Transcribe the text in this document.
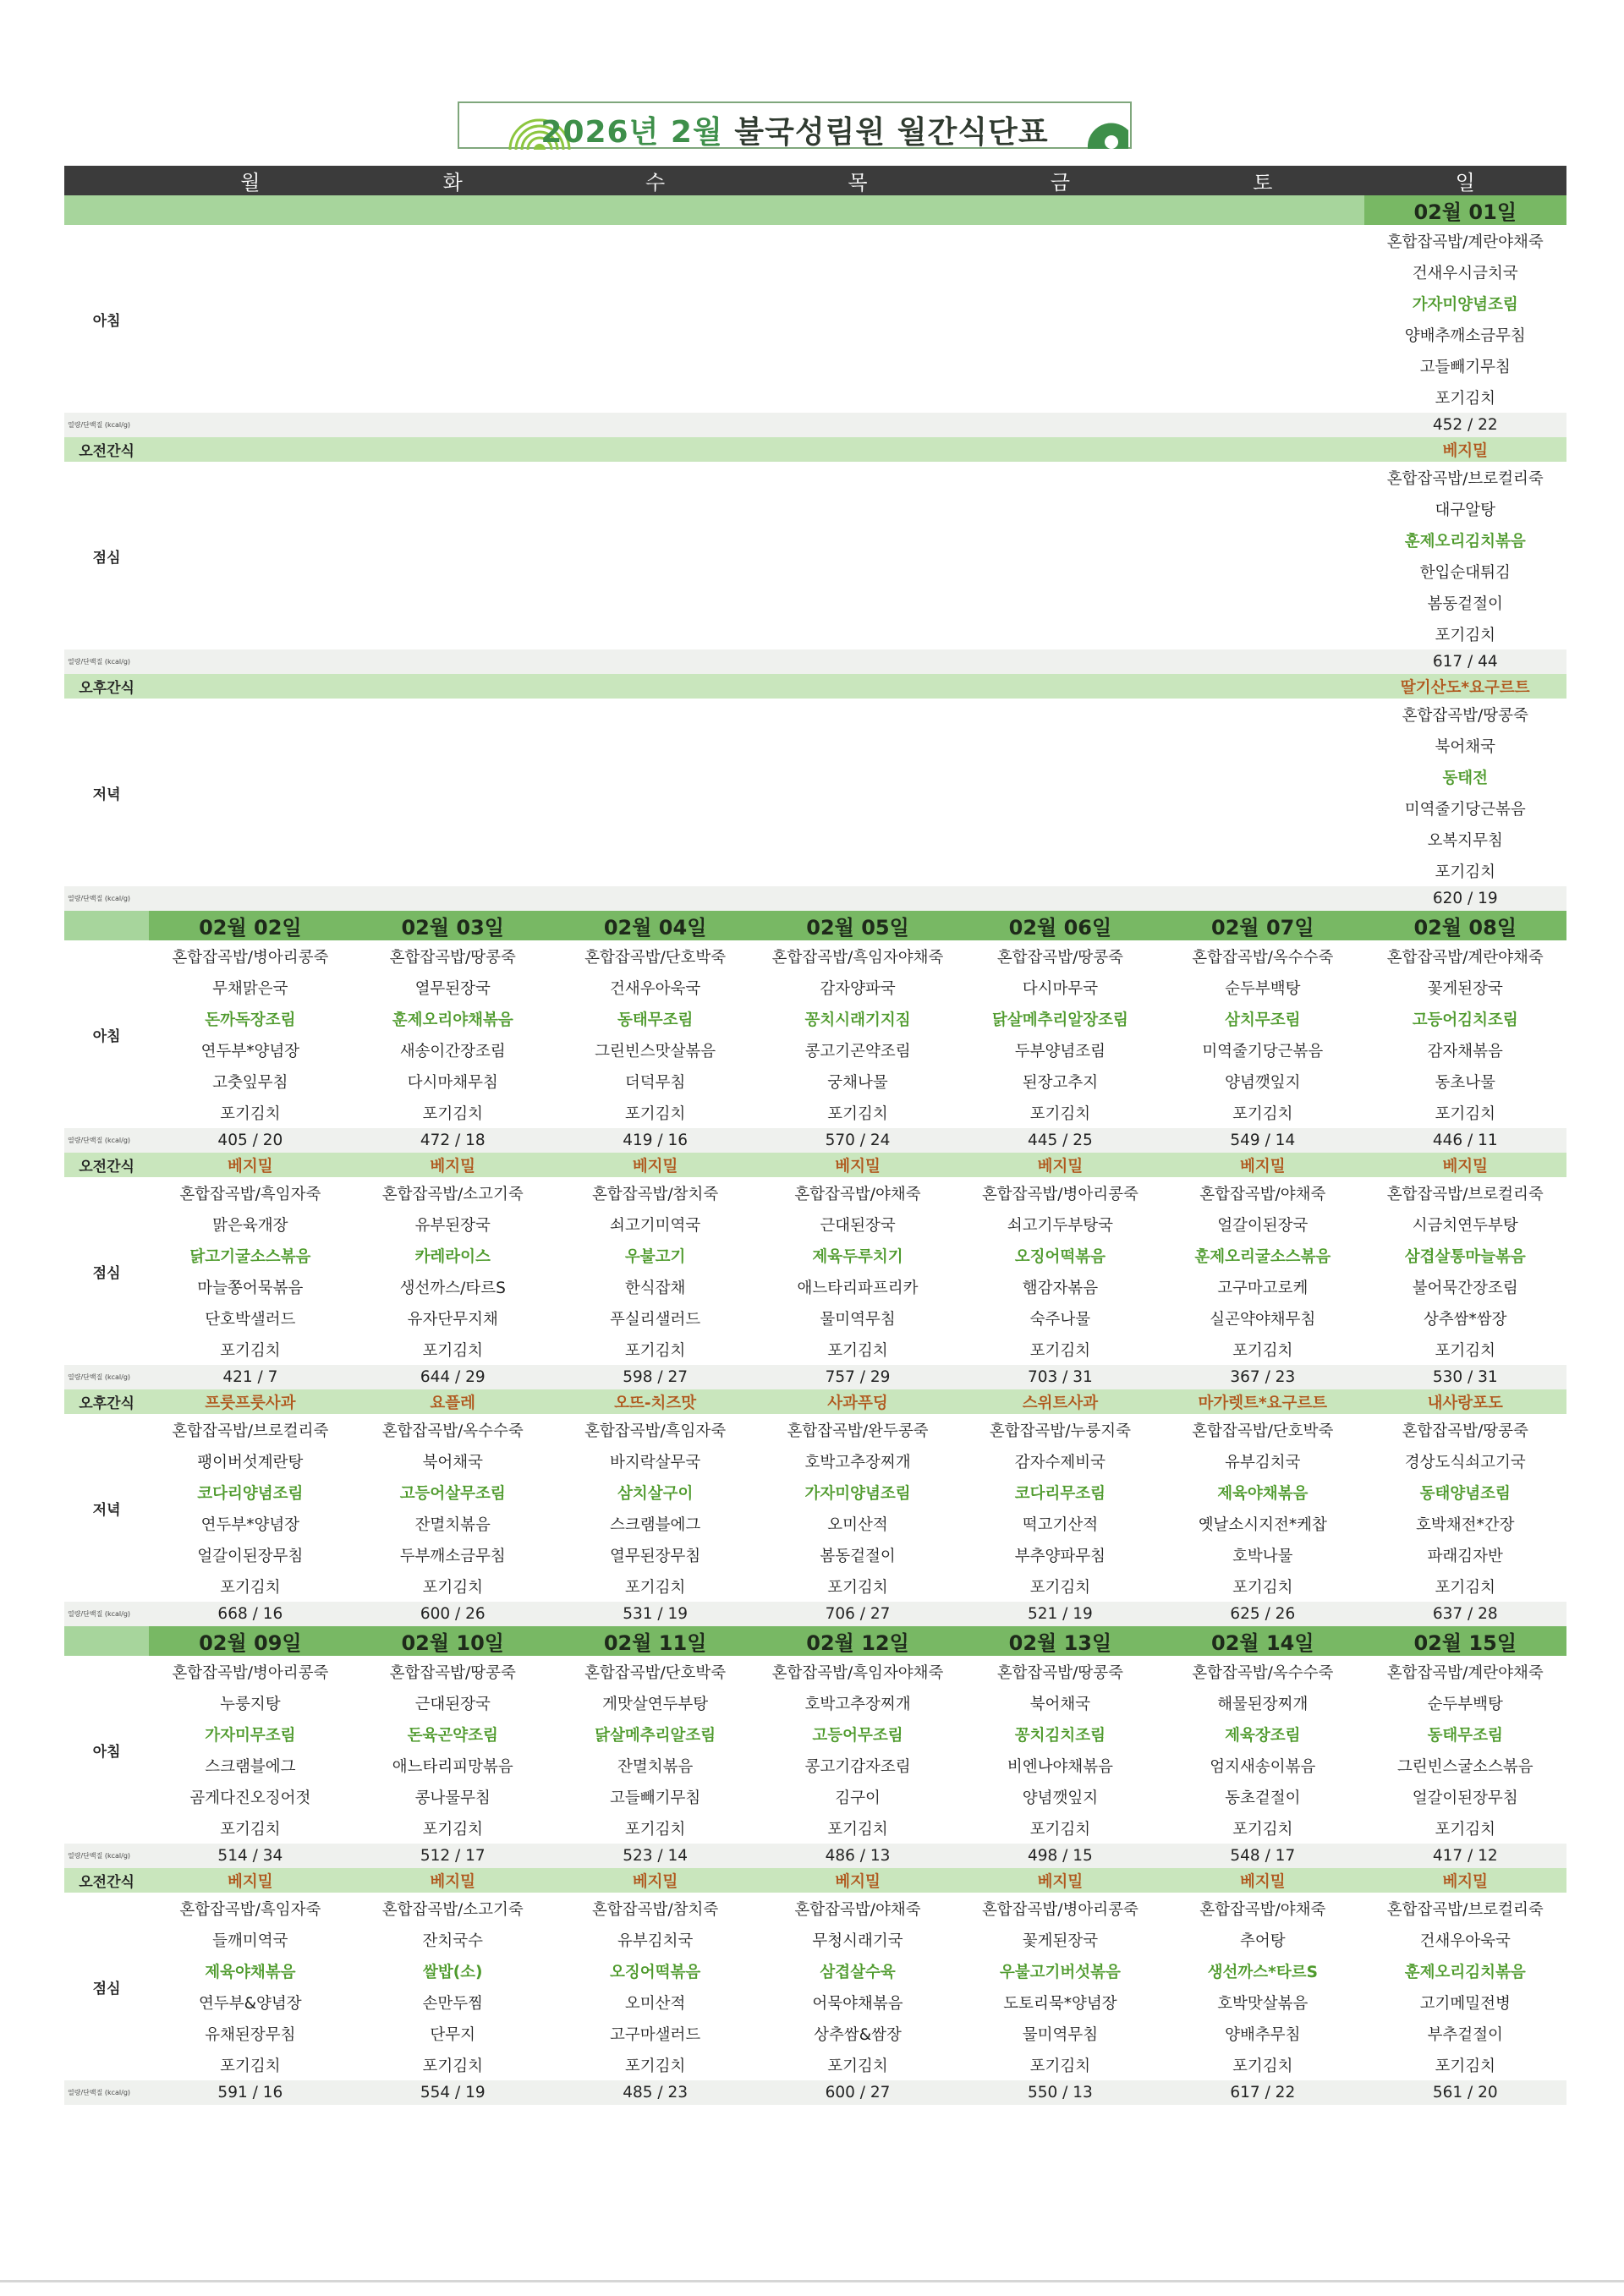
2026년 2월 불국성림원 월간식단표
	월	화	수	목	금	토	일
							02월 01일
아침							혼합잡곡밥/계란야채죽
							건새우시금치국
							가자미양념조림
							양배추깨소금무침
							고들빼기무침
							포기김치
열량/단백질 (kcal/g)							452 / 22
오전간식							베지밀
점심							혼합잡곡밥/브로컬리죽
							대구알탕
							훈제오리김치볶음
							한입순대튀김
							봄동겉절이
							포기김치
열량/단백질 (kcal/g)							617 / 44
오후간식							딸기산도*요구르트
저녁							혼합잡곡밥/땅콩죽
							북어채국
							동태전
							미역줄기당근볶음
							오복지무침
							포기김치
열량/단백질 (kcal/g)							620 / 19
	02월 02일	02월 03일	02월 04일	02월 05일	02월 06일	02월 07일	02월 08일
아침	혼합잡곡밥/병아리콩죽	혼합잡곡밥/땅콩죽	혼합잡곡밥/단호박죽	혼합잡곡밥/흑임자야채죽	혼합잡곡밥/땅콩죽	혼합잡곡밥/옥수수죽	혼합잡곡밥/계란야채죽
	무채맑은국	열무된장국	건새우아욱국	감자양파국	다시마무국	순두부백탕	꽃게된장국
	돈까독장조림	훈제오리야채볶음	동태무조림	꽁치시래기지짐	닭살메추리알장조림	삼치무조림	고등어김치조림
	연두부*양념장	새송이간장조림	그린빈스맛살볶음	콩고기곤약조림	두부양념조림	미역줄기당근볶음	감자채볶음
	고춧잎무침	다시마채무침	더덕무침	궁채나물	된장고추지	양념깻잎지	동초나물
	포기김치	포기김치	포기김치	포기김치	포기김치	포기김치	포기김치
열량/단백질 (kcal/g)	405 / 20	472 / 18	419 / 16	570 / 24	445 / 25	549 / 14	446 / 11
오전간식	베지밀	베지밀	베지밀	베지밀	베지밀	베지밀	베지밀
점심	혼합잡곡밥/흑임자죽	혼합잡곡밥/소고기죽	혼합잡곡밥/참치죽	혼합잡곡밥/야채죽	혼합잡곡밥/병아리콩죽	혼합잡곡밥/야채죽	혼합잡곡밥/브로컬리죽
	맑은육개장	유부된장국	쇠고기미역국	근대된장국	쇠고기두부탕국	얼갈이된장국	시금치연두부탕
	닭고기굴소스볶음	카레라이스	우불고기	제육두루치기	오징어떡볶음	훈제오리굴소스볶음	삼겹살통마늘볶음
	마늘쫑어묵볶음	생선까스/타르S	한식잡채	애느타리파프리카	햄감자볶음	고구마고로케	불어묵간장조림
	단호박샐러드	유자단무지채	푸실리샐러드	물미역무침	숙주나물	실곤약야채무침	상추쌈*쌈장
	포기김치	포기김치	포기김치	포기김치	포기김치	포기김치	포기김치
열량/단백질 (kcal/g)	421 / 7	644 / 29	598 / 27	757 / 29	703 / 31	367 / 23	530 / 31
오후간식	프룻프룻사과	요플레	오뜨-치즈맛	사과푸딩	스위트사과	마가렛트*요구르트	내사랑포도
저녁	혼합잡곡밥/브로컬리죽	혼합잡곡밥/옥수수죽	혼합잡곡밥/흑임자죽	혼합잡곡밥/완두콩죽	혼합잡곡밥/누룽지죽	혼합잡곡밥/단호박죽	혼합잡곡밥/땅콩죽
	팽이버섯계란탕	북어채국	바지락살무국	호박고추장찌개	감자수제비국	유부김치국	경상도식쇠고기국
	코다리양념조림	고등어살무조림	삼치살구이	가자미양념조림	코다리무조림	제육야채볶음	동태양념조림
	연두부*양념장	잔멸치볶음	스크램블에그	오미산적	떡고기산적	옛날소시지전*케찹	호박채전*간장
	얼갈이된장무침	두부깨소금무침	열무된장무침	봄동겉절이	부추양파무침	호박나물	파래김자반
	포기김치	포기김치	포기김치	포기김치	포기김치	포기김치	포기김치
열량/단백질 (kcal/g)	668 / 16	600 / 26	531 / 19	706 / 27	521 / 19	625 / 26	637 / 28
	02월 09일	02월 10일	02월 11일	02월 12일	02월 13일	02월 14일	02월 15일
아침	혼합잡곡밥/병아리콩죽	혼합잡곡밥/땅콩죽	혼합잡곡밥/단호박죽	혼합잡곡밥/흑임자야채죽	혼합잡곡밥/땅콩죽	혼합잡곡밥/옥수수죽	혼합잡곡밥/계란야채죽
	누룽지탕	근대된장국	게맛살연두부탕	호박고추장찌개	북어채국	해물된장찌개	순두부백탕
	가자미무조림	돈육곤약조림	닭살메추리알조림	고등어무조림	꽁치김치조림	제육장조림	동태무조림
	스크램블에그	애느타리피망볶음	잔멸치볶음	콩고기감자조림	비엔나야채볶음	엄지새송이볶음	그린빈스굴소스볶음
	곰게다진오징어젓	콩나물무침	고들빼기무침	김구이	양념깻잎지	동초겉절이	얼갈이된장무침
	포기김치	포기김치	포기김치	포기김치	포기김치	포기김치	포기김치
열량/단백질 (kcal/g)	514 / 34	512 / 17	523 / 14	486 / 13	498 / 15	548 / 17	417 / 12
오전간식	베지밀	베지밀	베지밀	베지밀	베지밀	베지밀	베지밀
점심	혼합잡곡밥/흑임자죽	혼합잡곡밥/소고기죽	혼합잡곡밥/참치죽	혼합잡곡밥/야채죽	혼합잡곡밥/병아리콩죽	혼합잡곡밥/야채죽	혼합잡곡밥/브로컬리죽
	들깨미역국	잔치국수	유부김치국	무청시래기국	꽃게된장국	추어탕	건새우아욱국
	제육야채볶음	쌀밥(소)	오징어떡볶음	삼겹살수육	우불고기버섯볶음	생선까스*타르S	훈제오리김치볶음
	연두부&양념장	손만두찜	오미산적	어묵야채볶음	도토리묵*양념장	호박맛살볶음	고기메밀전병
	유채된장무침	단무지	고구마샐러드	상추쌈&쌈장	물미역무침	양배추무침	부추겉절이
	포기김치	포기김치	포기김치	포기김치	포기김치	포기김치	포기김치
열량/단백질 (kcal/g)	591 / 16	554 / 19	485 / 23	600 / 27	550 / 13	617 / 22	561 / 20
